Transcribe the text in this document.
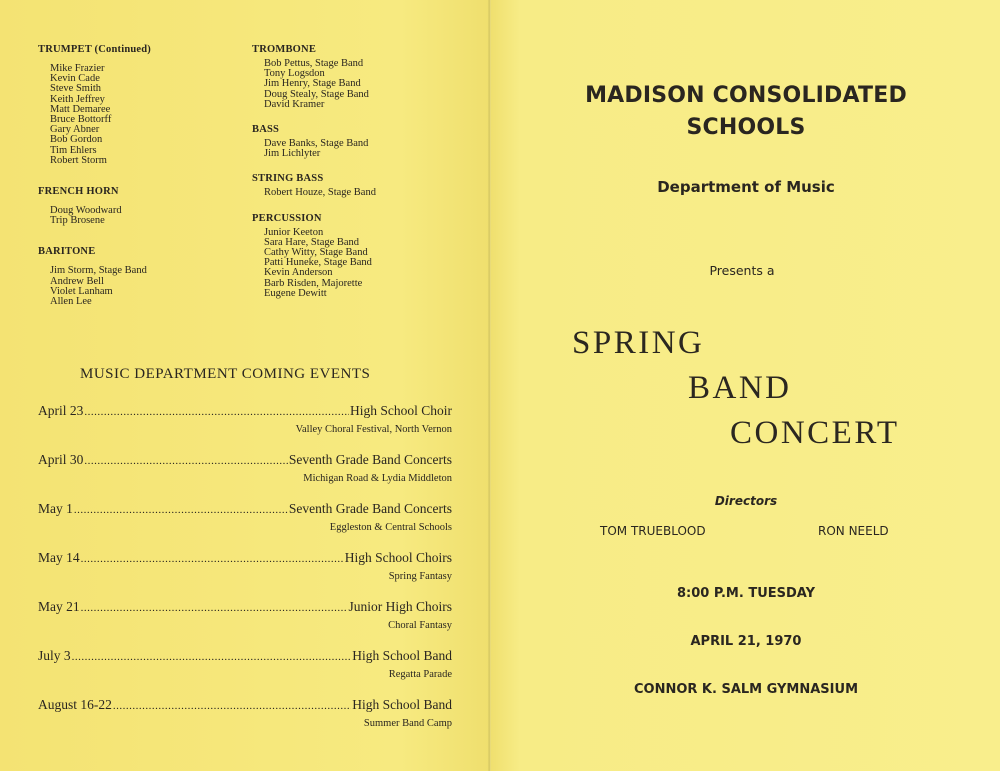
TRUMPET (Continued)
Mike Frazier
Kevin Cade
Steve Smith
Keith Jeffrey
Matt Demaree
Bruce Bottorff
Gary Abner
Bob Gordon
Tim Ehlers
Robert Storm
FRENCH HORN
Doug Woodward
Trip Brosene
BARITONE
Jim Storm, Stage Band
Andrew Bell
Violet Lanham
Allen Lee
TROMBONE
Bob Pettus, Stage Band
Tony Logsdon
Jim Henry, Stage Band
Doug Stealy, Stage Band
David Kramer
BASS
Dave Banks, Stage Band
Jim Lichlyter
STRING BASS
Robert Houze, Stage Band
PERCUSSION
Junior Keeton
Sara Hare, Stage Band
Cathy Witty, Stage Band
Patti Huneke, Stage Band
Kevin Anderson
Barb Risden, Majorette
Eugene Dewitt
MUSIC DEPARTMENT COMING EVENTS
April 23 .....	High School Choir
Valley Choral Festival, North Vernon
April 30 .....	Seventh Grade Band Concerts
Michigan Road & Lydia Middleton
May 1 .....	Seventh Grade Band Concerts
Eggleston & Central Schools
May 14 .....	High School Choirs
Spring Fantasy
May 21 .....	Junior High Choirs
Choral Fantasy
July 3 .....	High School Band
Regatta Parade
August 16-22 .....	High School Band
Summer Band Camp
MADISON CONSOLIDATED
SCHOOLS
Department of Music
Presents a
SPRING
BAND
CONCERT
Directors
TOM TRUEBLOOD	RON NEELD
8:00 P.M. TUESDAY
APRIL 21, 1970
CONNOR K. SALM GYMNASIUM
